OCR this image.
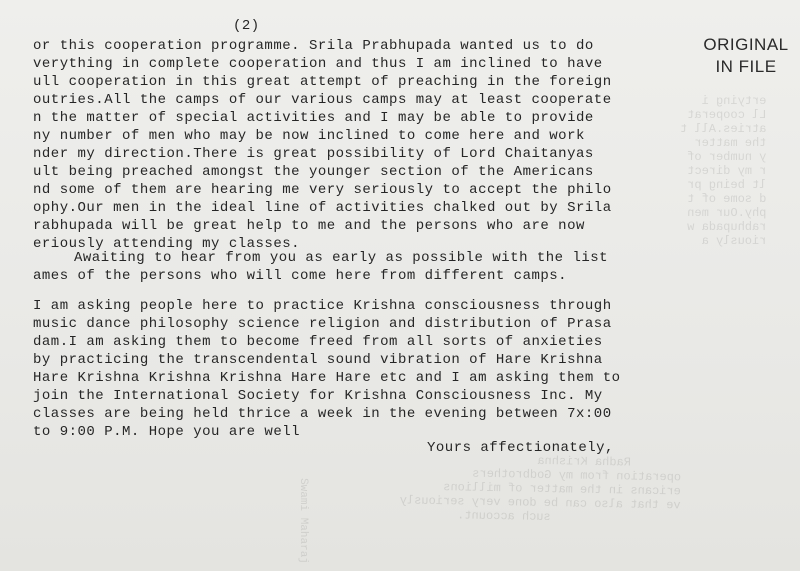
ertying i
Ll cooperat
atries.All t
the matter
y number of
r my direct
lt being pr
d some of t
phy.Our men
rabhupada w
riously a

Radha Krishna
operation from my Godbrothers
ericans in the matter of millions
ve that also can be done very seriously
such account.

Swami Maharaj

(2)
ORIGINAL
IN FILE
or this cooperation programme. Srila Prabhupada wanted us to do
verything in complete cooperation and thus I am inclined to have
ull cooperation in this great attempt of preaching in the foreign
outries.All the camps of our various camps may at least cooperate
n the matter of special activities and I may be able to provide
ny number of men who may be now inclined to come here and work
nder my direction.There is great possibility of Lord Chaitanyas
ult being preached amongst the younger section of the Americans
nd some of them are hearing me very seriously to accept the philo
ophy.Our men in the ideal line of activities chalked out by Srila
rabhupada will be great help to me and the persons who are now
eriously attending my classes.
Awaiting to hear from you as early as possible with the list
ames of the persons who will come here from different camps.
I am asking people here to practice Krishna consciousness through
music dance philosophy science religion and distribution of Prasa
dam.I am asking them to become freed from all sorts of anxieties
by practicing the transcendental sound vibration of Hare Krishna
Hare Krishna Krishna Krishna Hare Hare etc and I am asking them to
join the International Society for Krishna Consciousness Inc. My
classes are being held thrice a week in the evening between 7x:00
to 9:00 P.M. Hope you are well
Yours affectionately,
